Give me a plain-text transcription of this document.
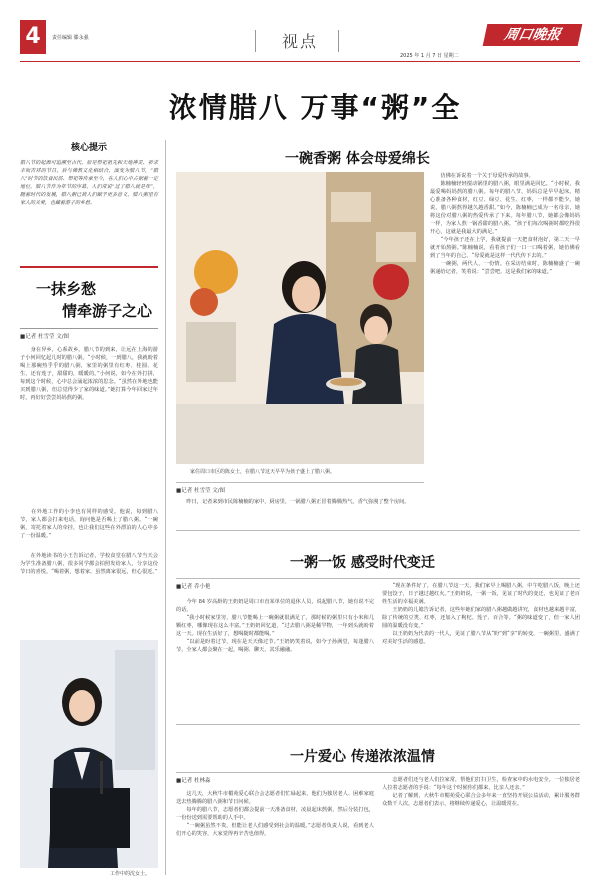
4	责任编辑 滕永强	视点
2025 年 1 月 7 日 星期二
周口晚报
浓情腊八 万事“粥”全
核心提示
腊八节的起源可追溯至古代，原是祭祀祖先和天地神灵、祈求丰收吉祥的节日，后与佛教文化相结合，演变为腊八节，“腊八”时节的饮食民俗、祭祀等传承至今，在人们心中占据着一定地位。腊八节作为年节的序幕，人们常说“过了腊八就是年”，随着时代的发展，腊八粥已被人们赋予更多意义，腊八粥里有家人的关爱，也藏着游子的乡愁。
一抹乡愁
情牵游子之心
■记者 杜雪莹 文/图
　　身在异乡，心系故乡。腊八节的到来，让远在上海的游子小何回忆起儿时的腊八粥。“小时候，一到腊八，我就盼着喝上那碗热乎乎的腊八粥，家里的粥里有红枣、桂圆、花生，还有莲子，甜甜的，暖暖的。”小何说，如今在外打拼，每到这个时候，心中总会涌起浓浓的思念。“虽然在外地也能买到腊八粥，但总觉得少了家的味道。”她打算今年回家过年时，再好好尝尝妈妈熬的粥。
　　在外地工作的小李也有同样的感受。他说，每到腊八节，家人都会打来电话，询问他是否喝上了腊八粥。“一碗粥，寄托着家人的牵挂，也让我们这些在外漂泊的人心中多了一份温暖。”
　　在外地读书的小王告诉记者，学校食堂在腊八节当天会为学生准备腊八粥，很多同学都会拍照发给家人，分享这份节日的喜悦。“喝着粥，想着家，虽然离家很远，但心很近。”
工作中的沈女士。
一碗香粥 体会母爱绵长
家住周口市区的陈女士，在腊八节这天早早为孩子盛上了腊八粥。
■记者 杜雪莹 文/图
　　昨日，记者来到市民陈楠楠的家中，厨房里，一锅腊八粥正冒着腾腾热气，香气弥漫了整个房间。
　　仿佛在诉说着一个关于母爱传承的故事。
　　陈楠楠轻轻搅动锅里的腊八粥，眼里满是回忆。“小时候，我最爱喝妈妈熬的腊八粥。每年的腊八节，妈妈总是早早起床，精心准备各种食材，红豆、绿豆、花生、红枣，一样都不能少。她说，腊八粥熬得越久越香甜。”如今，陈楠楠已成为一名母亲，她将这份对腊八粥的热爱传承了下来。每年腊八节，她都会像妈妈一样，为家人熬一锅香甜的腊八粥。“孩子们每次喝粥时都吃得很开心，这就是我最大的满足。”
　　“今年孩子还在上学，我就提前一天把食材泡好，第二天一早就开始熬粥。”陈楠楠说，看着孩子们一口一口喝着粥，她仿佛看到了当年的自己。“母爱就是这样一代代传下去的。”
　　一碗粥，两代人，一份情。在采访结束时，陈楠楠盛了一碗粥递给记者，笑着说：“尝尝吧，这是我们家的味道。”
一粥一饭 感受时代变迁
■记者 乔小艳
　　今年 84 岁高龄的王奶奶是周口市直某单位的退休人员，说起腊八节，她有说不完的话。
　　“我小时候家里穷，腊八节能喝上一碗粥就很满足了。那时候的粥里只有小米和几颗红枣，哪像现在这么丰富。”王奶奶回忆道，“过去腊八粥是稀罕物，一年到头就盼着这一天。现在生活好了，想喝随时都能喝。”
　　“以前是盼着过节，现在是天天像过节。”王奶奶笑着说，如今子孙满堂，每逢腊八节，全家人都会聚在一起，喝粥、聊天，其乐融融。
　　“现在条件好了，在腊八节这一天，我们家早上喝腊八粥，中午吃腊八饭，晚上还要包饺子，日子越过越红火。”王奶奶说，一粥一饭，见证了时代的变迁，也见证了老百姓生活的幸福美满。
　　王奶奶的儿媳告诉记者，这些年她们家的腊八粥越做越讲究，食材也越来越丰富，除了传统的豆类、红枣，还加入了枸杞、莲子、百合等。“粥的味道变了，但一家人团圆的温暖没有变。”
　　以王奶奶为代表的一代人，见证了腊八节从“盼”到“享”的转变，一碗粥里，盛满了对美好生活的感恩。
一片爱心 传递浓浓温情
■记者 杜林淼
　　这几天，大秋牛市楣苑爱心联合会志愿者们忙碌起来，他们为独居老人、困难家庭送去热腾腾的腊八粥和节日问候。
　　每年的腊八节，志愿者们都会提前一天准备食材，凌晨起床熬粥，然后分装打包，一份份送到需要帮助的人手中。
　　“一碗粥虽然不贵，但能让老人们感受到社会的温暖。”志愿者负责人说，看到老人们开心的笑容，大家觉得再辛苦也值得。
　　志愿者们还与老人们拉家常，帮他们打扫卫生，检查家中的水电安全。一位独居老人拉着志愿者的手说：“每年这个时候你们都来，比亲人还亲。”
　　记者了解到，大秋牛市楣苑爱心联合会多年来一直坚持开展公益活动，累计服务群众数千人次。志愿者们表示，将继续传递爱心，让温暖常在。
